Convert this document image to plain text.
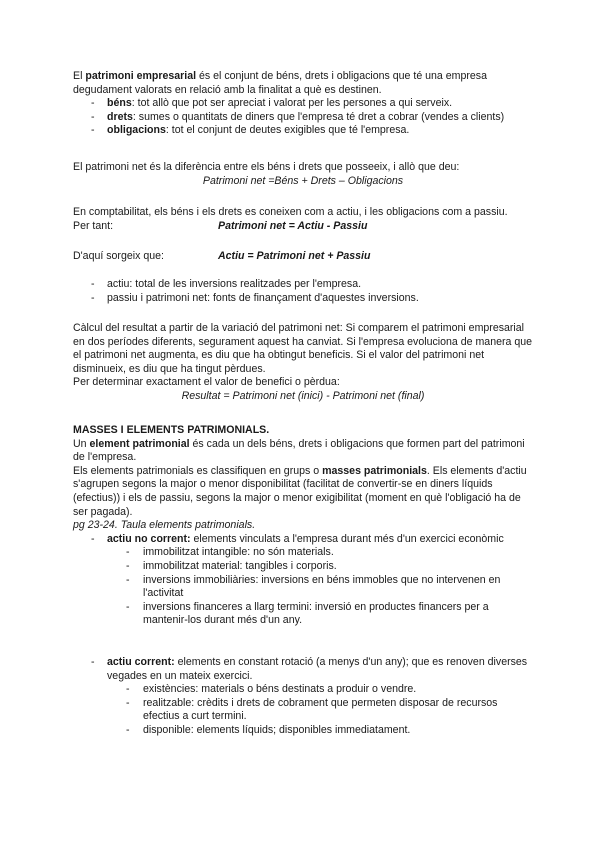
El patrimoni empresarial és el conjunt de béns, drets i obligacions que té una empresa degudament valorats en relació amb la finalitat a què es destinen.

- béns: tot allò que pot ser apreciat i valorat per les persones a qui serveix.
- drets: sumes o quantitats de diners que l'empresa té dret a cobrar (vendes a clients)
- obligacions: tot el conjunt de deutes exigibles que té l'empresa.

El patrimoni net és la diferència entre els béns i drets que posseeix, i allò que deu:

Patrimoni net =Béns + Drets – Obligacions

En comptabilitat, els béns i els drets es coneixen com a actiu, i les obligacions com a passiu.

Per tant:	Patrimoni net = Actiu - Passiu
D'aquí sorgeix que:	Actiu = Patrimoni net + Passiu
- actiu: total de les inversions realitzades per l'empresa.
- passiu i patrimoni net: fonts de finançament d'aquestes inversions.

Càlcul del resultat a partir de la variació del patrimoni net: Si comparem el patrimoni empresarial en dos períodes diferents, segurament aquest ha canviat. Si l'empresa evoluciona de manera que el patrimoni net augmenta, es diu que ha obtingut beneficis. Si el valor del patrimoni net disminueix, es diu que ha tingut pèrdues.

Per determinar exactament el valor de benefici o pèrdua:

Resultat = Patrimoni net (inici) - Patrimoni net (final)

MASSES I ELEMENTS PATRIMONIALS.

Un element patrimonial és cada un dels béns, drets i obligacions que formen part del patrimoni de l'empresa.

Els elements patrimonials es classifiquen en grups o masses patrimonials. Els elements d'actiu s'agrupen segons la major o menor disponibilitat (facilitat de convertir-se en diners líquids (efectius)) i els de passiu, segons la major o menor exigibilitat (moment en què l'obligació ha de ser pagada).

pg 23-24. Taula elements patrimonials.

- actiu no corrent: elements vinculats a l'empresa durant més d'un exercici econòmic
- immobilitzat intangible: no són materials.
- immobilitzat material: tangibles i corporis.
- inversions immobiliàries: inversions en béns immobles que no intervenen en l'activitat
- inversions financeres a llarg termini: inversió en productes financers per a mantenir-los durant més d'un any.
- actiu corrent: elements en constant rotació (a menys d'un any); que es renoven diverses vegades en un mateix exercici.
- existències: materials o béns destinats a produir o vendre.
- realitzable: crèdits i drets de cobrament que permeten disposar de recursos efectius a curt termini.
- disponible: elements líquids; disponibles immediatament.
